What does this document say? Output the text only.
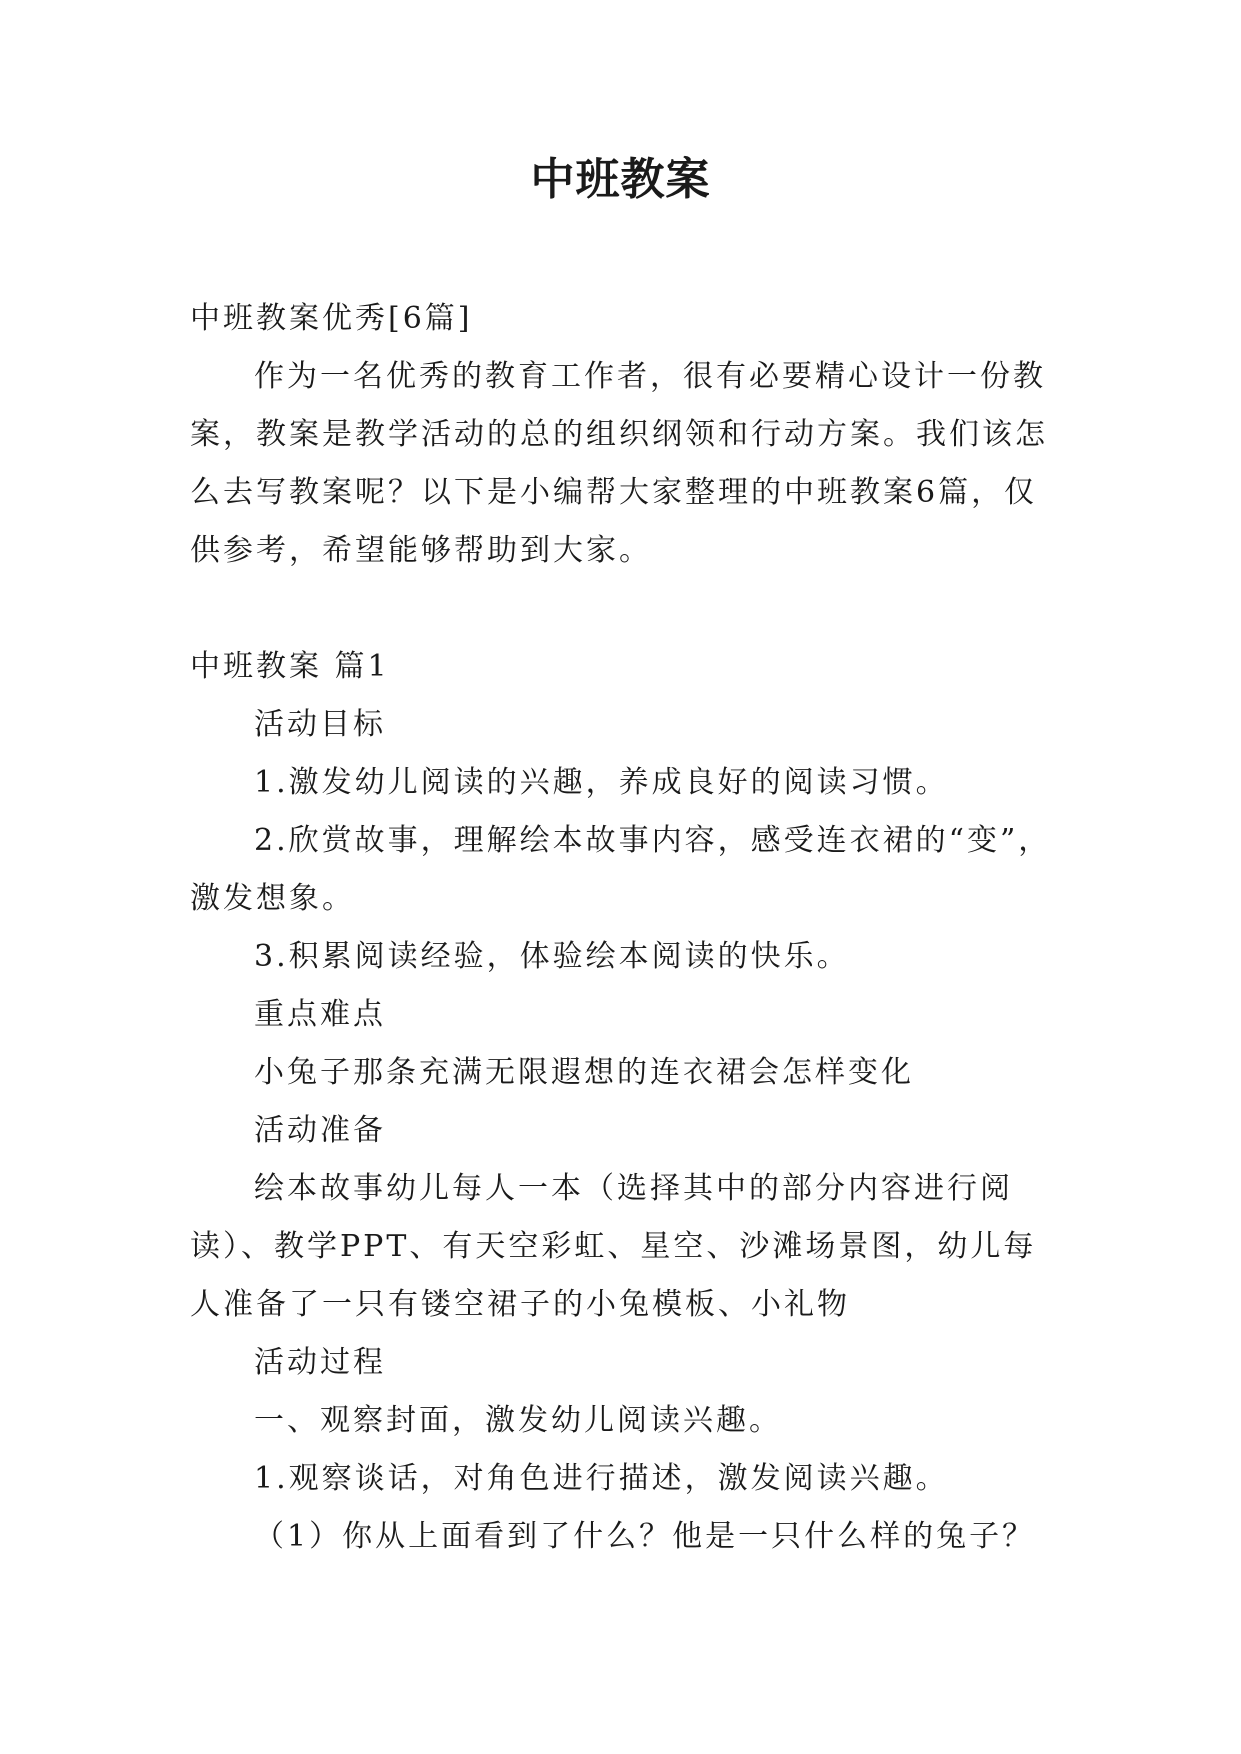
中班教案

中班教案优秀[6篇]

作为一名优秀的教育工作者，很有必要精心设计一份教案，教案是教学活动的总的组织纲领和行动方案。我们该怎么去写教案呢？以下是小编帮大家整理的中班教案6篇，仅供参考，希望能够帮助到大家。

中班教案 篇1

活动目标

1.激发幼儿阅读的兴趣，养成良好的阅读习惯。

2.欣赏故事，理解绘本故事内容，感受连衣裙的“变”，激发想象。

3.积累阅读经验，体验绘本阅读的快乐。

重点难点

小兔子那条充满无限遐想的连衣裙会怎样变化

活动准备

绘本故事幼儿每人一本（选择其中的部分内容进行阅读）、教学PPT、有天空彩虹、星空、沙滩场景图，幼儿每人准备了一只有镂空裙子的小兔模板、小礼物

活动过程

一、观察封面，激发幼儿阅读兴趣。

1.观察谈话，对角色进行描述，激发阅读兴趣。

（1）你从上面看到了什么？他是一只什么样的兔子？
